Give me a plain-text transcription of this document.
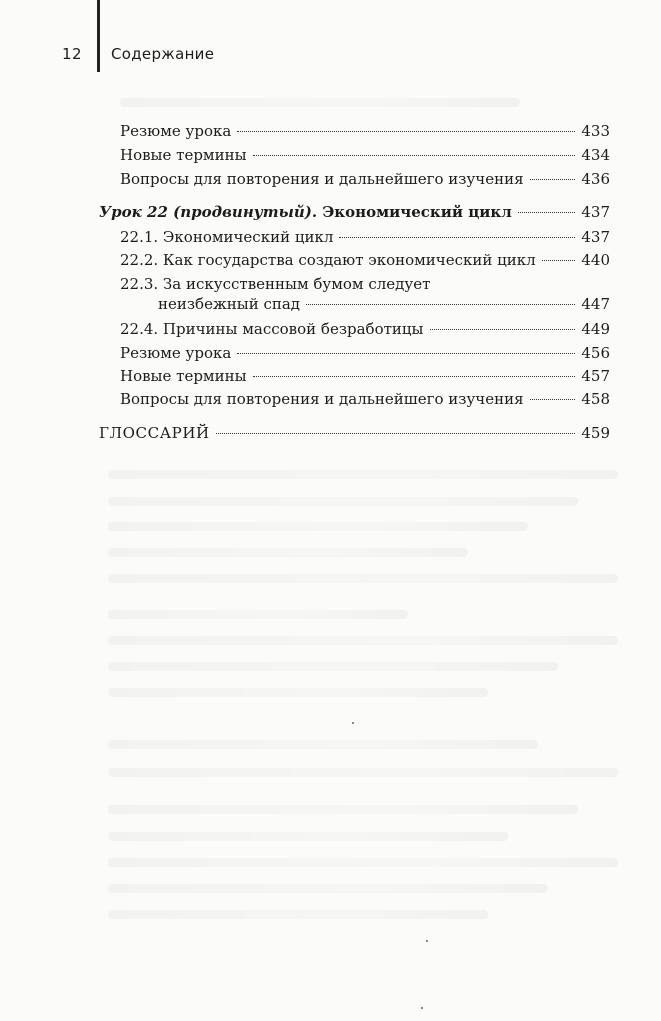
12 Содержание
Резюме урока	433
Новые термины	434
Вопросы для повторения и дальнейшего изучения	436
Урок 22 (продвинутый). Экономический цикл	437
22.1. Экономический цикл	437
22.2. Как государства создают экономический цикл	440
22.3. За искусственным бумом следует
неизбежный спад	447
22.4. Причины массовой безработицы	449
Резюме урока	456
Новые термины	457
Вопросы для повторения и дальнейшего изучения	458
ГЛОССАРИЙ	459
